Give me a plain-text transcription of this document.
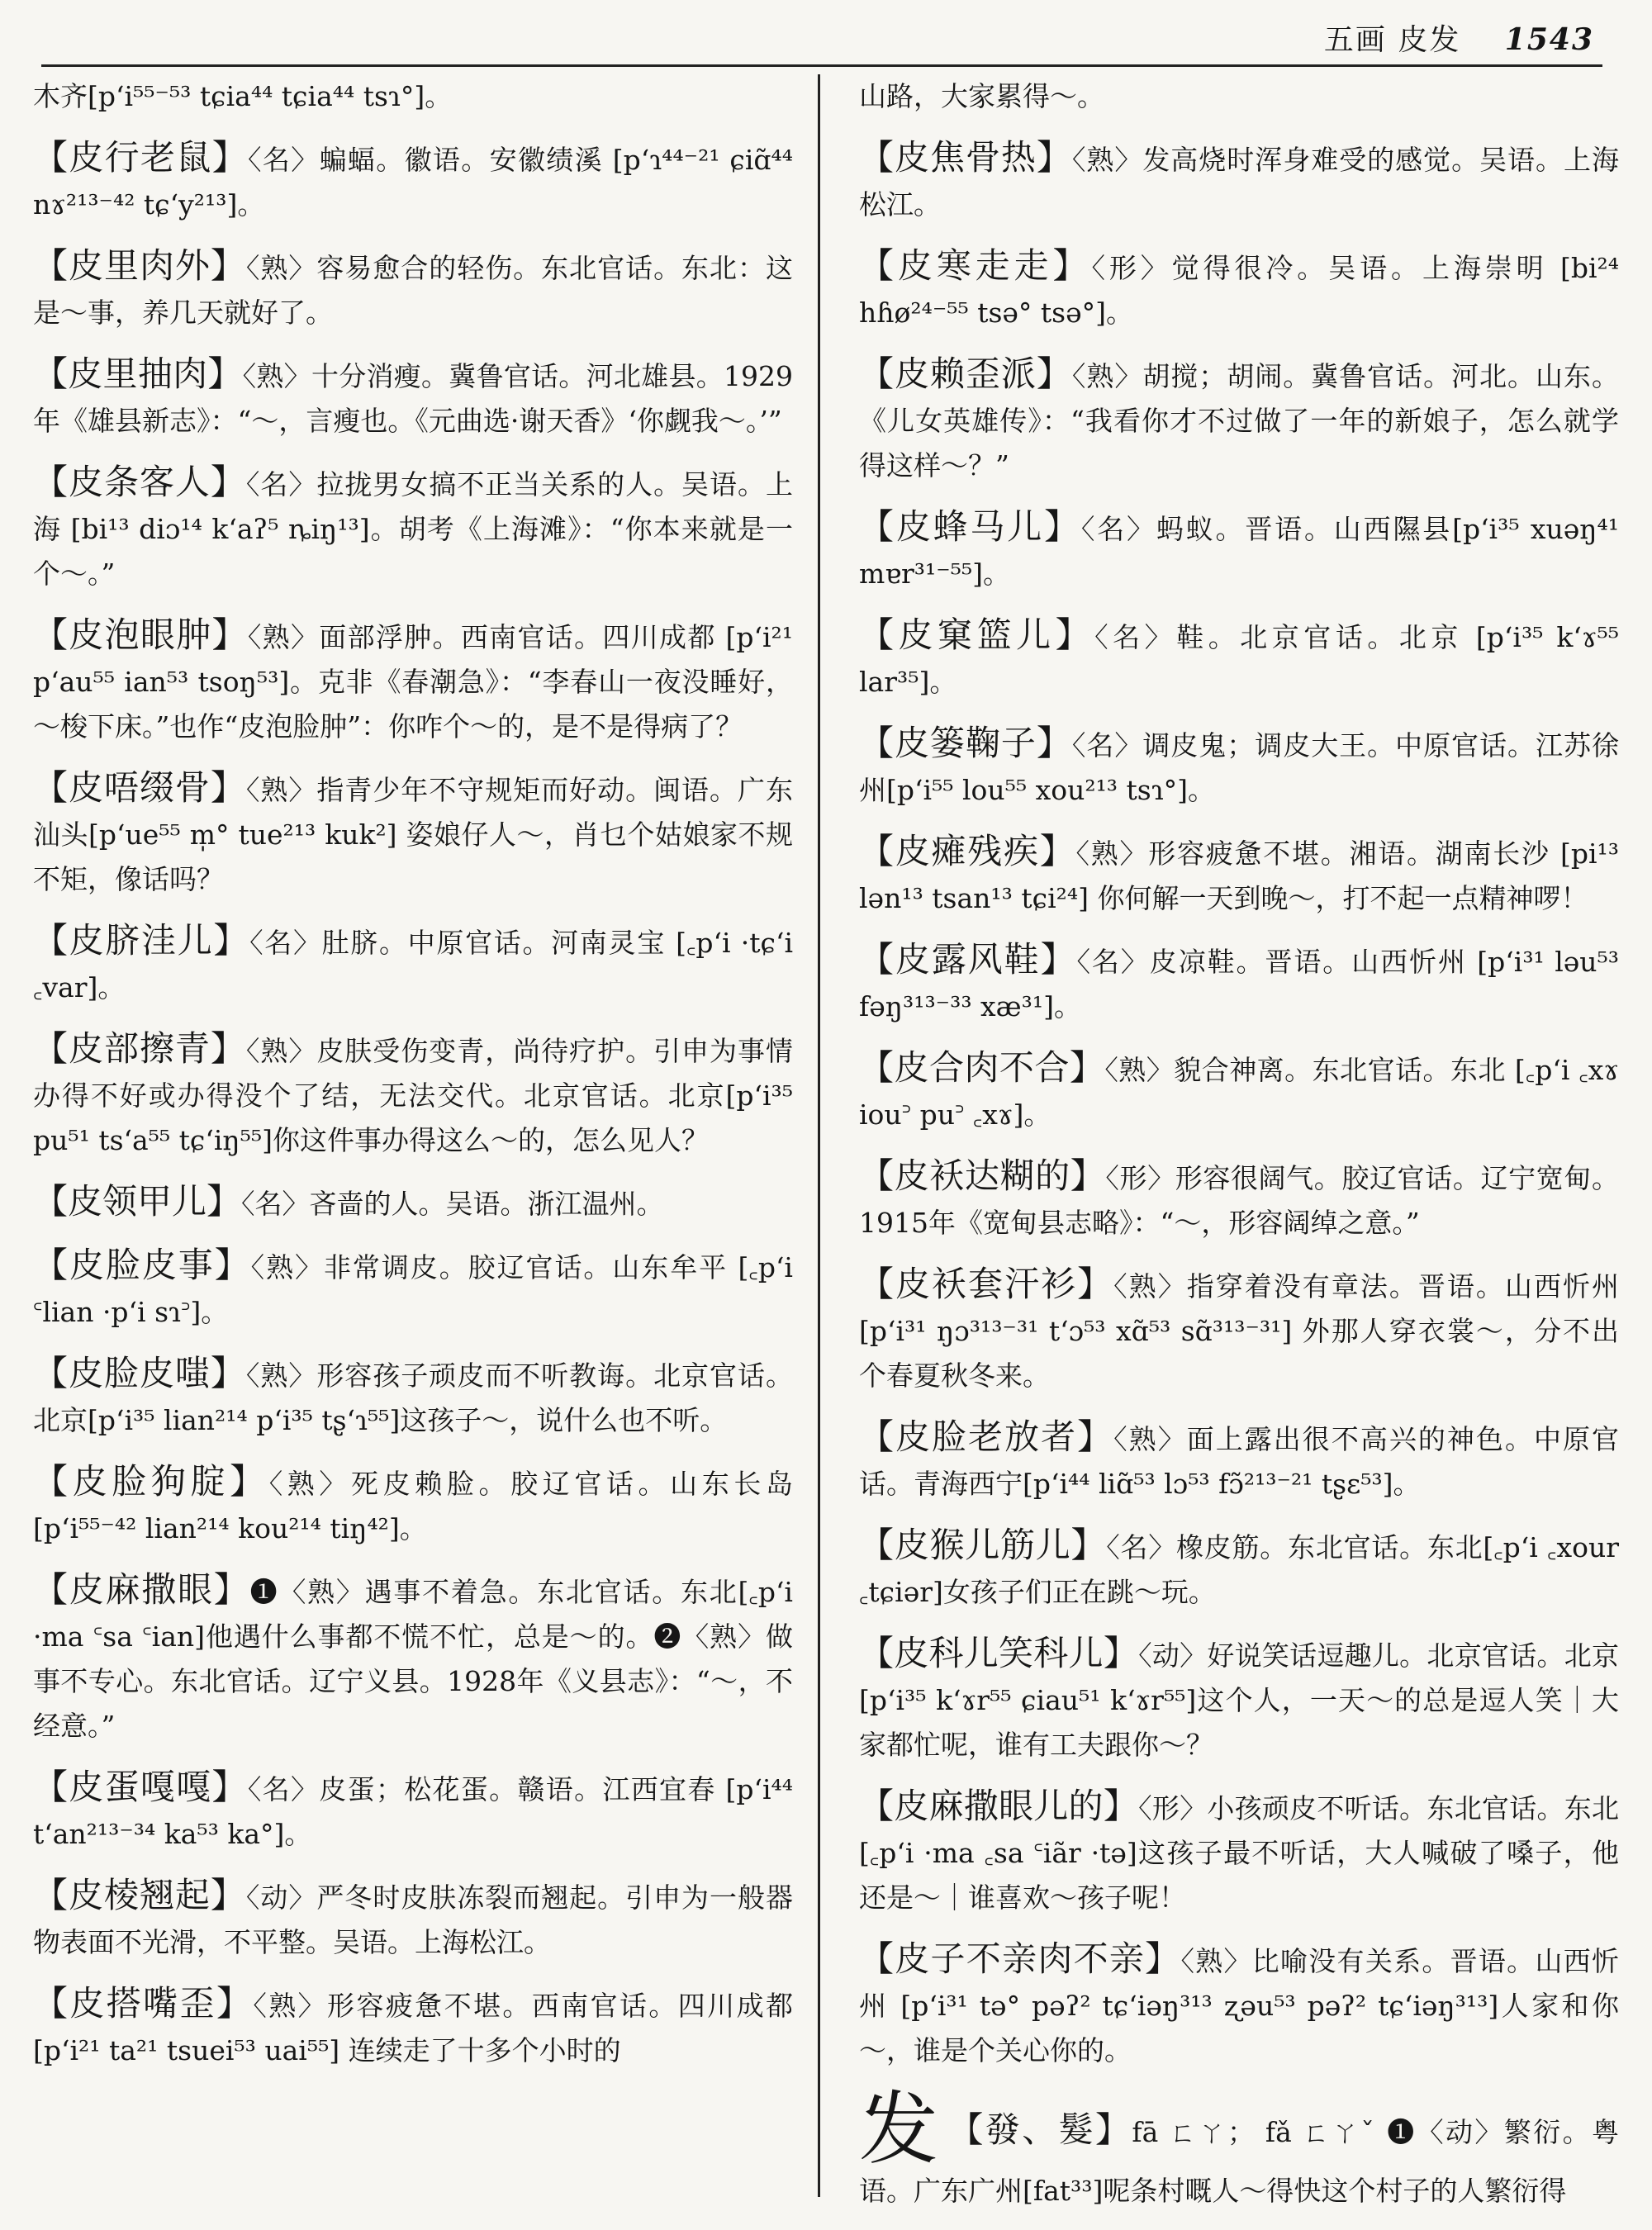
五画 皮发 1543
木齐[pʻi⁵⁵⁻⁵³ tɕia⁴⁴ tɕia⁴⁴ tsɿ°]。
【皮行老鼠】〈名〉蝙蝠。徽语。安徽绩溪 [pʻɿ⁴⁴⁻²¹ ɕiɑ̃⁴⁴ nɤ²¹³⁻⁴² tɕʻy²¹³]。
【皮里肉外】〈熟〉容易愈合的轻伤。东北官话。东北：这是～事，养几天就好了。
【皮里抽肉】〈熟〉十分消瘦。冀鲁官话。河北雄县。1929年《雄县新志》：“～，言瘦也。《元曲选·谢天香》‘你觑我～。’”
【皮条客人】〈名〉拉拢男女搞不正当关系的人。吴语。上海 [bi¹³ diɔ¹⁴ kʻaʔ⁵ ȵiŋ¹³]。胡考《上海滩》：“你本来就是一个～。”
【皮泡眼肿】〈熟〉面部浮肿。西南官话。四川成都 [pʻi²¹ pʻau⁵⁵ ian⁵³ tsoŋ⁵³]。克非《春潮急》：“李春山一夜没睡好，～梭下床。”也作“皮泡脸肿”：你咋个～的，是不是得病了？
【皮唔缀骨】〈熟〉指青少年不守规矩而好动。闽语。广东汕头[pʻue⁵⁵ m̩° tue²¹³ kuk²] 姿娘仔人～，肖乜个姑娘家不规不矩，像话吗？
【皮脐洼儿】〈名〉肚脐。中原官话。河南灵宝 [꜀pʻi ·tɕʻi ꜀var]。
【皮部擦青】〈熟〉皮肤受伤变青，尚待疗护。引申为事情办得不好或办得没个了结，无法交代。北京官话。北京[pʻi³⁵ pu⁵¹ tsʻa⁵⁵ tɕʻiŋ⁵⁵]你这件事办得这么～的，怎么见人？
【皮领甲儿】〈名〉吝啬的人。吴语。浙江温州。
【皮脸皮事】〈熟〉非常调皮。胶辽官话。山东牟平 [꜀pʻi ꜂lian ·pʻi sɿ꜄]。
【皮脸皮嗤】〈熟〉形容孩子顽皮而不听教诲。北京官话。北京[pʻi³⁵ lian²¹⁴ pʻi³⁵ tʂʻɿ⁵⁵]这孩子～，说什么也不听。
【皮脸狗腚】〈熟〉死皮赖脸。胶辽官话。山东长岛 [pʻi⁵⁵⁻⁴² lian²¹⁴ kou²¹⁴ tiŋ⁴²]。
【皮麻撒眼】❶〈熟〉遇事不着急。东北官话。东北[꜀pʻi ·ma ꜂sa ꜂ian]他遇什么事都不慌不忙，总是～的。❷〈熟〉做事不专心。东北官话。辽宁义县。1928年《义县志》：“～，不经意。”
【皮蛋嘎嘎】〈名〉皮蛋；松花蛋。赣语。江西宜春 [pʻi⁴⁴ tʻan²¹³⁻³⁴ ka⁵³ ka°]。
【皮棱翘起】〈动〉严冬时皮肤冻裂而翘起。引申为一般器物表面不光滑，不平整。吴语。上海松江。
【皮搭嘴歪】〈熟〉形容疲惫不堪。西南官话。四川成都[pʻi²¹ ta²¹ tsuei⁵³ uai⁵⁵] 连续走了十多个小时的
山路，大家累得～。
【皮焦骨热】〈熟〉发高烧时浑身难受的感觉。吴语。上海松江。
【皮寒走走】〈形〉觉得很冷。吴语。上海崇明 [bi²⁴ hɦø²⁴⁻⁵⁵ tsə° tsə°]。
【皮赖歪派】〈熟〉胡搅；胡闹。冀鲁官话。河北。山东。《儿女英雄传》：“我看你才不过做了一年的新娘子，怎么就学得这样～？”
【皮蜂马儿】〈名〉蚂蚁。晋语。山西隰县[pʻi³⁵ xuəŋ⁴¹ mɐr³¹⁻⁵⁵]。
【皮窠篮儿】〈名〉鞋。北京官话。北京 [pʻi³⁵ kʻɤ⁵⁵ lar³⁵]。
【皮篓鞠子】〈名〉调皮鬼；调皮大王。中原官话。江苏徐州[pʻi⁵⁵ lou⁵⁵ xou²¹³ tsɿ°]。
【皮瘫残疾】〈熟〉形容疲惫不堪。湘语。湖南长沙 [pi¹³ lən¹³ tsan¹³ tɕi²⁴] 你何解一天到晚～，打不起一点精神啰！
【皮露风鞋】〈名〉皮凉鞋。晋语。山西忻州 [pʻi³¹ ləu⁵³ fəŋ³¹³⁻³³ xæ³¹]。
【皮合肉不合】〈熟〉貌合神离。东北官话。东北 [꜀pʻi ꜀xɤ iou꜄ pu꜄ ꜀xɤ]。
【皮袄达糊的】〈形〉形容很阔气。胶辽官话。辽宁宽甸。1915年《宽甸县志略》：“～，形容阔绰之意。”
【皮袄套汗衫】〈熟〉指穿着没有章法。晋语。山西忻州[pʻi³¹ ŋɔ³¹³⁻³¹ tʻɔ⁵³ xɑ̃⁵³ sɑ̃³¹³⁻³¹] 外那人穿衣裳～，分不出个春夏秋冬来。
【皮脸老放者】〈熟〉面上露出很不高兴的神色。中原官话。青海西宁[pʻi⁴⁴ liɑ̃⁵³ lɔ⁵³ fɔ̃²¹³⁻²¹ tʂɛ⁵³]。
【皮猴儿筋儿】〈名〉橡皮筋。东北官话。东北[꜀pʻi ꜀xour ꜀tɕiər]女孩子们正在跳～玩。
【皮科儿笑科儿】〈动〉好说笑话逗趣儿。北京官话。北京[pʻi³⁵ kʻɤr⁵⁵ ɕiau⁵¹ kʻɤr⁵⁵]这个人，一天～的总是逗人笑｜大家都忙呢，谁有工夫跟你～？
【皮麻撒眼儿的】〈形〉小孩顽皮不听话。东北官话。东北[꜀pʻi ·ma ꜀sa ꜂iãr ·tə]这孩子最不听话，大人喊破了嗓子，他还是～｜谁喜欢～孩子呢！
【皮子不亲肉不亲】〈熟〉比喻没有关系。晋语。山西忻州 [pʻi³¹ tə° pəʔ² tɕʻiəŋ³¹³ ʐəu⁵³ pəʔ² tɕʻiəŋ³¹³]人家和你～，谁是个关心你的。
发 【發、髮】fā ㄈㄚ； fǎ ㄈㄚˇ ❶〈动〉繁衍。粤语。广东广州[fat³³]呢条村嘅人～得快这个村子的人繁衍得
